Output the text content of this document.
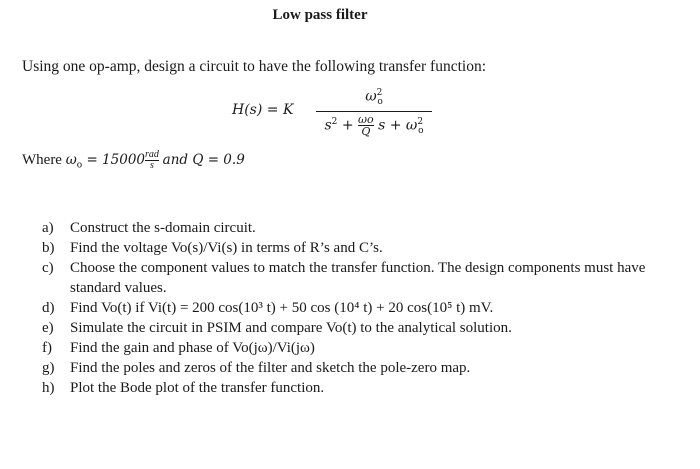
Low pass filter
Using one op-amp, design a circuit to have the following transfer function:
H(s) = K
$\omega^2_o$
$s^2 + \frac{\omega o}{Q}$ $s + \omega^2_o$
Where $\omega_o = 15000$ rad
s and Q = 0.9
a) Construct the s-domain circuit.
b) Find the voltage Vo(s)/Vi(s) in terms of R’s and C’s.
c) Choose the component values to match the transfer function. The design components must have standard values.
d) Find Vo(t) if Vi(t) = 200 cos(10³ t) + 50 cos (10⁴ t) + 20 cos(10⁵ t) mV.
e) Simulate the circuit in PSIM and compare Vo(t) to the analytical solution.
f) Find the gain and phase of Vo(jω)/Vi(jω)
g) Find the poles and zeros of the filter and sketch the pole-zero map.
h) Plot the Bode plot of the transfer function.
